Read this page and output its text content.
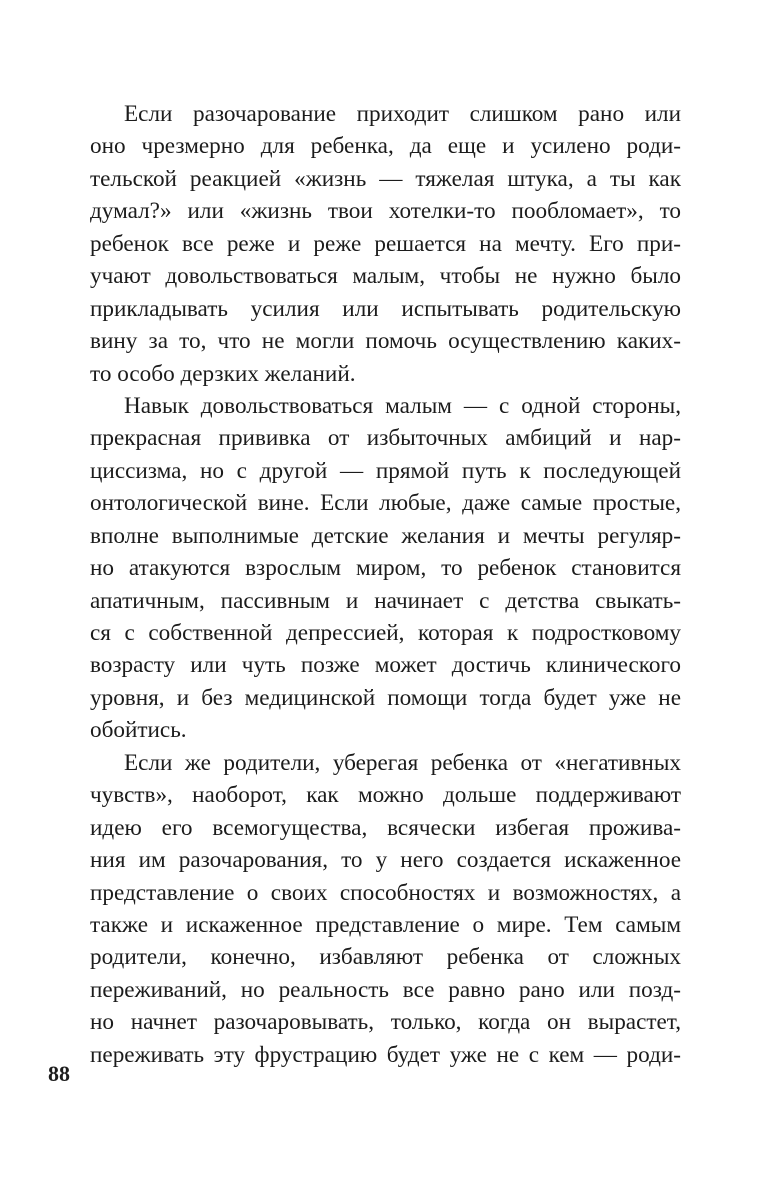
Если разочарование приходит слишком рано или
оно чрезмерно для ребенка, да еще и усилено роди-
тельской реакцией «жизнь — тяжелая штука, а ты как
думал?» или «жизнь твои хотелки-то пообломает», то
ребенок все реже и реже решается на мечту. Его при-
учают довольствоваться малым, чтобы не нужно было
прикладывать усилия или испытывать родительскую
вину за то, что не могли помочь осуществлению каких-
то особо дерзких желаний.
Навык довольствоваться малым — с одной стороны,
прекрасная прививка от избыточных амбиций и нар-
циссизма, но с другой — прямой путь к последующей
онтологической вине. Если любые, даже самые простые,
вполне выполнимые детские желания и мечты регуляр-
но атакуются взрослым миром, то ребенок становится
апатичным, пассивным и начинает с детства свыкать-
ся с собственной депрессией, которая к подростковому
возрасту или чуть позже может достичь клинического
уровня, и без медицинской помощи тогда будет уже не
обойтись.
Если же родители, уберегая ребенка от «негативных
чувств», наоборот, как можно дольше поддерживают
идею его всемогущества, всячески избегая прожива-
ния им разочарования, то у него создается искаженное
представление о своих способностях и возможностях, а
также и искаженное представление о мире. Тем самым
родители, конечно, избавляют ребенка от сложных
переживаний, но реальность все равно рано или позд-
но начнет разочаровывать, только, когда он вырастет,
переживать эту фрустрацию будет уже не с кем — роди-
88
